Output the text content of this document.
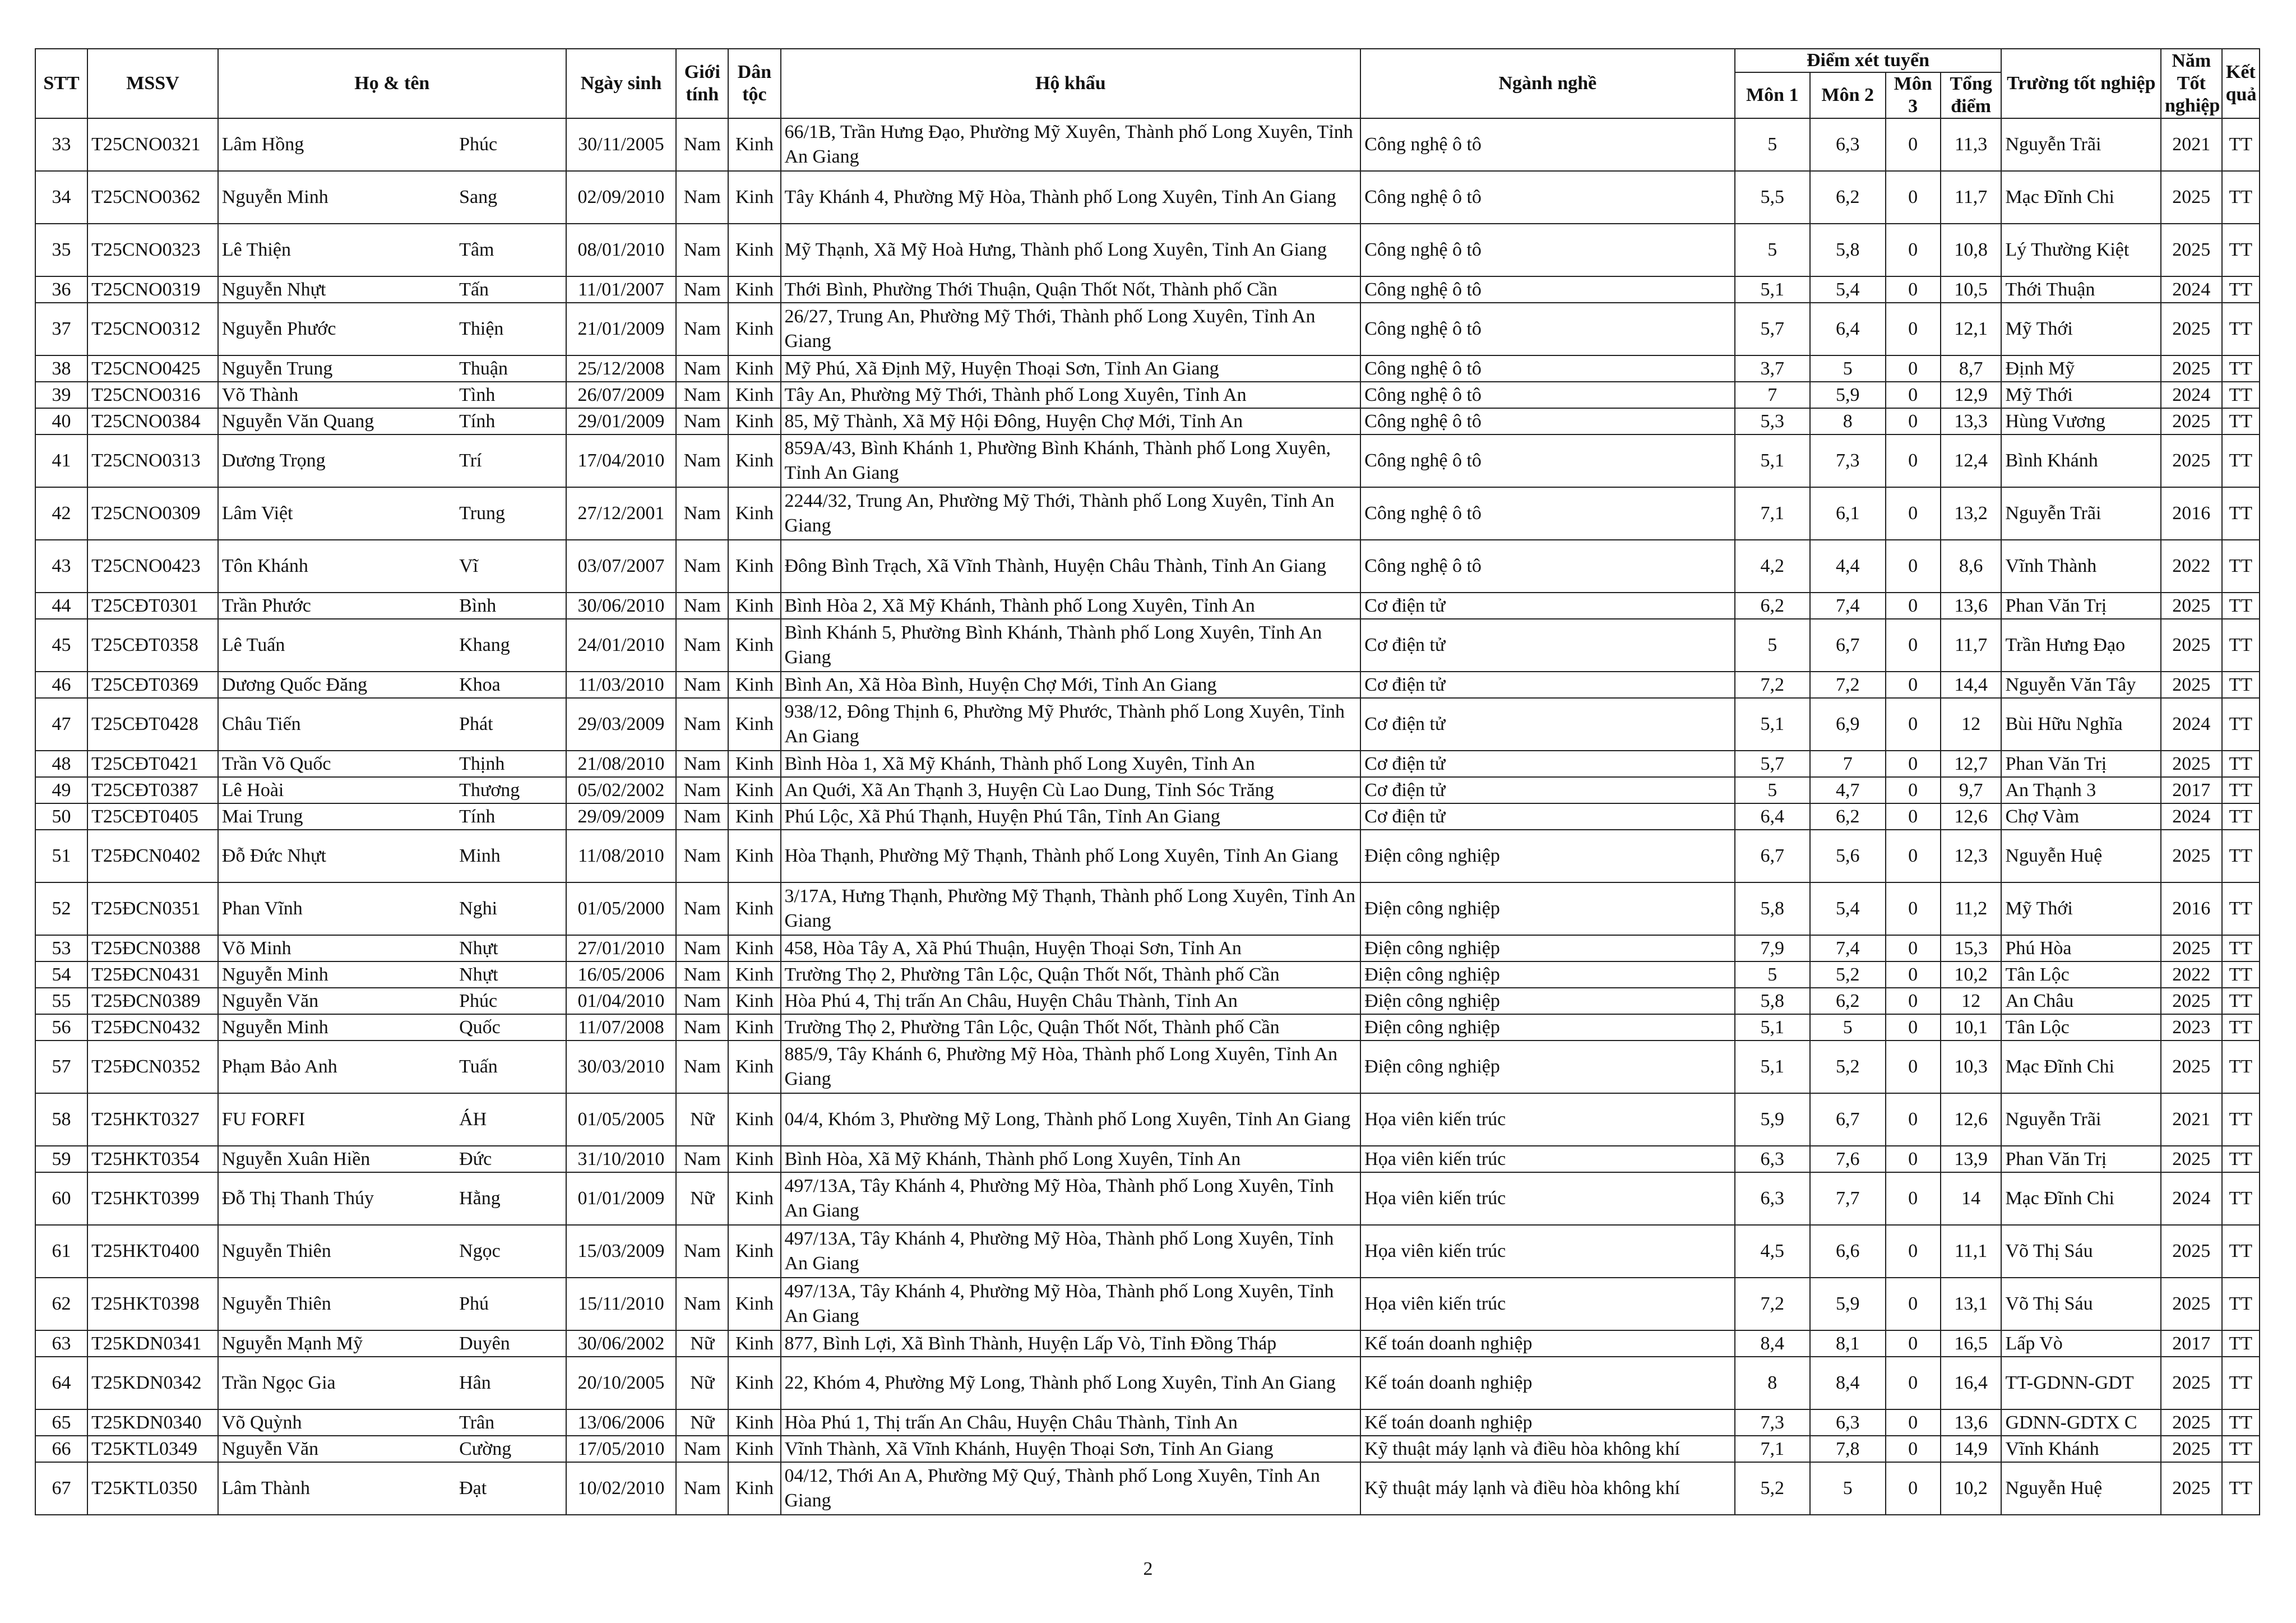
STT	MSSV	Họ & tên		Ngày sinh	Giới tính	Dân tộc	Hộ khẩu	Ngành nghề	Điểm xét tuyển				Trường tốt nghiệp	Năm Tốt nghiệp	Kết quả
									Môn 1	Môn 2	Môn 3	Tổng điểm			
33	T25CNO0321	Lâm Hồng	Phúc	30/11/2005	Nam	Kinh	66/1B, Trần Hưng Đạo, Phường Mỹ Xuyên, Thành phố Long Xuyên, Tỉnh An Giang	Công nghệ ô tô	5	6,3	0	11,3	Nguyễn Trãi	2021	TT
34	T25CNO0362	Nguyễn Minh	Sang	02/09/2010	Nam	Kinh	Tây Khánh 4, Phường Mỹ Hòa, Thành phố Long Xuyên, Tỉnh An Giang	Công nghệ ô tô	5,5	6,2	0	11,7	Mạc Đĩnh Chi	2025	TT
35	T25CNO0323	Lê Thiện	Tâm	08/01/2010	Nam	Kinh	Mỹ Thạnh, Xã Mỹ Hoà Hưng, Thành phố Long Xuyên, Tỉnh An Giang	Công nghệ ô tô	5	5,8	0	10,8	Lý Thường Kiệt	2025	TT
36	T25CNO0319	Nguyễn Nhựt	Tấn	11/01/2007	Nam	Kinh	Thới Bình, Phường Thới Thuận, Quận Thốt Nốt, Thành phố Cần	Công nghệ ô tô	5,1	5,4	0	10,5	Thới Thuận	2024	TT
37	T25CNO0312	Nguyễn Phước	Thiện	21/01/2009	Nam	Kinh	26/27, Trung An, Phường Mỹ Thới, Thành phố Long Xuyên, Tỉnh An Giang	Công nghệ ô tô	5,7	6,4	0	12,1	Mỹ Thới	2025	TT
38	T25CNO0425	Nguyễn Trung	Thuận	25/12/2008	Nam	Kinh	Mỹ Phú, Xã Định Mỹ, Huyện Thoại Sơn, Tỉnh An Giang	Công nghệ ô tô	3,7	5	0	8,7	Định Mỹ	2025	TT
39	T25CNO0316	Võ Thành	Tình	26/07/2009	Nam	Kinh	Tây An, Phường Mỹ Thới, Thành phố Long Xuyên, Tỉnh An	Công nghệ ô tô	7	5,9	0	12,9	Mỹ Thới	2024	TT
40	T25CNO0384	Nguyễn Văn Quang	Tính	29/01/2009	Nam	Kinh	85, Mỹ Thành, Xã Mỹ Hội Đông, Huyện Chợ Mới, Tỉnh An	Công nghệ ô tô	5,3	8	0	13,3	Hùng Vương	2025	TT
41	T25CNO0313	Dương Trọng	Trí	17/04/2010	Nam	Kinh	859A/43, Bình Khánh 1, Phường Bình Khánh, Thành phố Long Xuyên, Tỉnh An Giang	Công nghệ ô tô	5,1	7,3	0	12,4	Bình Khánh	2025	TT
42	T25CNO0309	Lâm Việt	Trung	27/12/2001	Nam	Kinh	2244/32, Trung An, Phường Mỹ Thới, Thành phố Long Xuyên, Tỉnh An Giang	Công nghệ ô tô	7,1	6,1	0	13,2	Nguyễn Trãi	2016	TT
43	T25CNO0423	Tôn Khánh	Vĩ	03/07/2007	Nam	Kinh	Đông Bình Trạch, Xã Vĩnh Thành, Huyện Châu Thành, Tỉnh An Giang	Công nghệ ô tô	4,2	4,4	0	8,6	Vĩnh Thành	2022	TT
44	T25CĐT0301	Trần Phước	Bình	30/06/2010	Nam	Kinh	Bình Hòa 2, Xã Mỹ Khánh, Thành phố Long Xuyên, Tỉnh An	Cơ điện tử	6,2	7,4	0	13,6	Phan Văn Trị	2025	TT
45	T25CĐT0358	Lê Tuấn	Khang	24/01/2010	Nam	Kinh	Bình Khánh 5, Phường Bình Khánh, Thành phố Long Xuyên, Tỉnh An Giang	Cơ điện tử	5	6,7	0	11,7	Trần Hưng Đạo	2025	TT
46	T25CĐT0369	Dương Quốc Đăng	Khoa	11/03/2010	Nam	Kinh	Bình An, Xã Hòa Bình, Huyện Chợ Mới, Tỉnh An Giang	Cơ điện tử	7,2	7,2	0	14,4	Nguyễn Văn Tây	2025	TT
47	T25CĐT0428	Châu Tiến	Phát	29/03/2009	Nam	Kinh	938/12, Đông Thịnh 6, Phường Mỹ Phước, Thành phố Long Xuyên, Tỉnh An Giang	Cơ điện tử	5,1	6,9	0	12	Bùi Hữu Nghĩa	2024	TT
48	T25CĐT0421	Trần Võ Quốc	Thịnh	21/08/2010	Nam	Kinh	Bình Hòa 1, Xã Mỹ Khánh, Thành phố Long Xuyên, Tỉnh An	Cơ điện tử	5,7	7	0	12,7	Phan Văn Trị	2025	TT
49	T25CĐT0387	Lê Hoài	Thương	05/02/2002	Nam	Kinh	An Quới, Xã An Thạnh 3, Huyện Cù Lao Dung, Tỉnh Sóc Trăng	Cơ điện tử	5	4,7	0	9,7	An Thạnh 3	2017	TT
50	T25CĐT0405	Mai Trung	Tính	29/09/2009	Nam	Kinh	Phú Lộc, Xã Phú Thạnh, Huyện Phú Tân, Tỉnh An Giang	Cơ điện tử	6,4	6,2	0	12,6	Chợ Vàm	2024	TT
51	T25ĐCN0402	Đỗ Đức Nhựt	Minh	11/08/2010	Nam	Kinh	Hòa Thạnh, Phường Mỹ Thạnh, Thành phố Long Xuyên, Tỉnh An Giang	Điện công nghiệp	6,7	5,6	0	12,3	Nguyễn Huệ	2025	TT
52	T25ĐCN0351	Phan Vĩnh	Nghi	01/05/2000	Nam	Kinh	3/17A, Hưng Thạnh, Phường Mỹ Thạnh, Thành phố Long Xuyên, Tỉnh An Giang	Điện công nghiệp	5,8	5,4	0	11,2	Mỹ Thới	2016	TT
53	T25ĐCN0388	Võ Minh	Nhựt	27/01/2010	Nam	Kinh	458, Hòa Tây A, Xã Phú Thuận, Huyện Thoại Sơn, Tỉnh An	Điện công nghiệp	7,9	7,4	0	15,3	Phú Hòa	2025	TT
54	T25ĐCN0431	Nguyễn Minh	Nhựt	16/05/2006	Nam	Kinh	Trường Thọ 2, Phường Tân Lộc, Quận Thốt Nốt, Thành phố Cần	Điện công nghiệp	5	5,2	0	10,2	Tân Lộc	2022	TT
55	T25ĐCN0389	Nguyễn Văn	Phúc	01/04/2010	Nam	Kinh	Hòa Phú 4, Thị trấn An Châu, Huyện Châu Thành, Tỉnh An	Điện công nghiệp	5,8	6,2	0	12	An Châu	2025	TT
56	T25ĐCN0432	Nguyễn Minh	Quốc	11/07/2008	Nam	Kinh	Trường Thọ 2, Phường Tân Lộc, Quận Thốt Nốt, Thành phố Cần	Điện công nghiệp	5,1	5	0	10,1	Tân Lộc	2023	TT
57	T25ĐCN0352	Phạm Bảo Anh	Tuấn	30/03/2010	Nam	Kinh	885/9, Tây Khánh 6, Phường Mỹ Hòa, Thành phố Long Xuyên, Tỉnh An Giang	Điện công nghiệp	5,1	5,2	0	10,3	Mạc Đĩnh Chi	2025	TT
58	T25HKT0327	FU FORFI	ÁH	01/05/2005	Nữ	Kinh	04/4, Khóm 3, Phường Mỹ Long, Thành phố Long Xuyên, Tỉnh An Giang	Họa viên kiến trúc	5,9	6,7	0	12,6	Nguyễn Trãi	2021	TT
59	T25HKT0354	Nguyễn Xuân Hiền	Đức	31/10/2010	Nam	Kinh	Bình Hòa, Xã Mỹ Khánh, Thành phố Long Xuyên, Tỉnh An	Họa viên kiến trúc	6,3	7,6	0	13,9	Phan Văn Trị	2025	TT
60	T25HKT0399	Đỗ Thị Thanh Thúy	Hằng	01/01/2009	Nữ	Kinh	497/13A, Tây Khánh 4, Phường Mỹ Hòa, Thành phố Long Xuyên, Tỉnh An Giang	Họa viên kiến trúc	6,3	7,7	0	14	Mạc Đĩnh Chi	2024	TT
61	T25HKT0400	Nguyễn Thiên	Ngọc	15/03/2009	Nam	Kinh	497/13A, Tây Khánh 4, Phường Mỹ Hòa, Thành phố Long Xuyên, Tỉnh An Giang	Họa viên kiến trúc	4,5	6,6	0	11,1	Võ Thị Sáu	2025	TT
62	T25HKT0398	Nguyễn Thiên	Phú	15/11/2010	Nam	Kinh	497/13A, Tây Khánh 4, Phường Mỹ Hòa, Thành phố Long Xuyên, Tỉnh An Giang	Họa viên kiến trúc	7,2	5,9	0	13,1	Võ Thị Sáu	2025	TT
63	T25KDN0341	Nguyễn Mạnh Mỹ	Duyên	30/06/2002	Nữ	Kinh	877, Bình Lợi, Xã Bình Thành, Huyện Lấp Vò, Tỉnh Đồng Tháp	Kế toán doanh nghiệp	8,4	8,1	0	16,5	Lấp Vò	2017	TT
64	T25KDN0342	Trần Ngọc Gia	Hân	20/10/2005	Nữ	Kinh	22, Khóm 4, Phường Mỹ Long, Thành phố Long Xuyên, Tỉnh An Giang	Kế toán doanh nghiệp	8	8,4	0	16,4	TT-GDNN-GDT	2025	TT
65	T25KDN0340	Võ Quỳnh	Trân	13/06/2006	Nữ	Kinh	Hòa Phú 1, Thị trấn An Châu, Huyện Châu Thành, Tỉnh An	Kế toán doanh nghiệp	7,3	6,3	0	13,6	GDNN-GDTX C	2025	TT
66	T25KTL0349	Nguyễn Văn	Cường	17/05/2010	Nam	Kinh	Vĩnh Thành, Xã Vĩnh Khánh, Huyện Thoại Sơn, Tỉnh An Giang	Kỹ thuật máy lạnh và điều hòa không khí	7,1	7,8	0	14,9	Vĩnh Khánh	2025	TT
67	T25KTL0350	Lâm Thành	Đạt	10/02/2010	Nam	Kinh	04/12, Thới An A, Phường Mỹ Quý, Thành phố Long Xuyên, Tỉnh An Giang	Kỹ thuật máy lạnh và điều hòa không khí	5,2	5	0	10,2	Nguyễn Huệ	2025	TT
2
